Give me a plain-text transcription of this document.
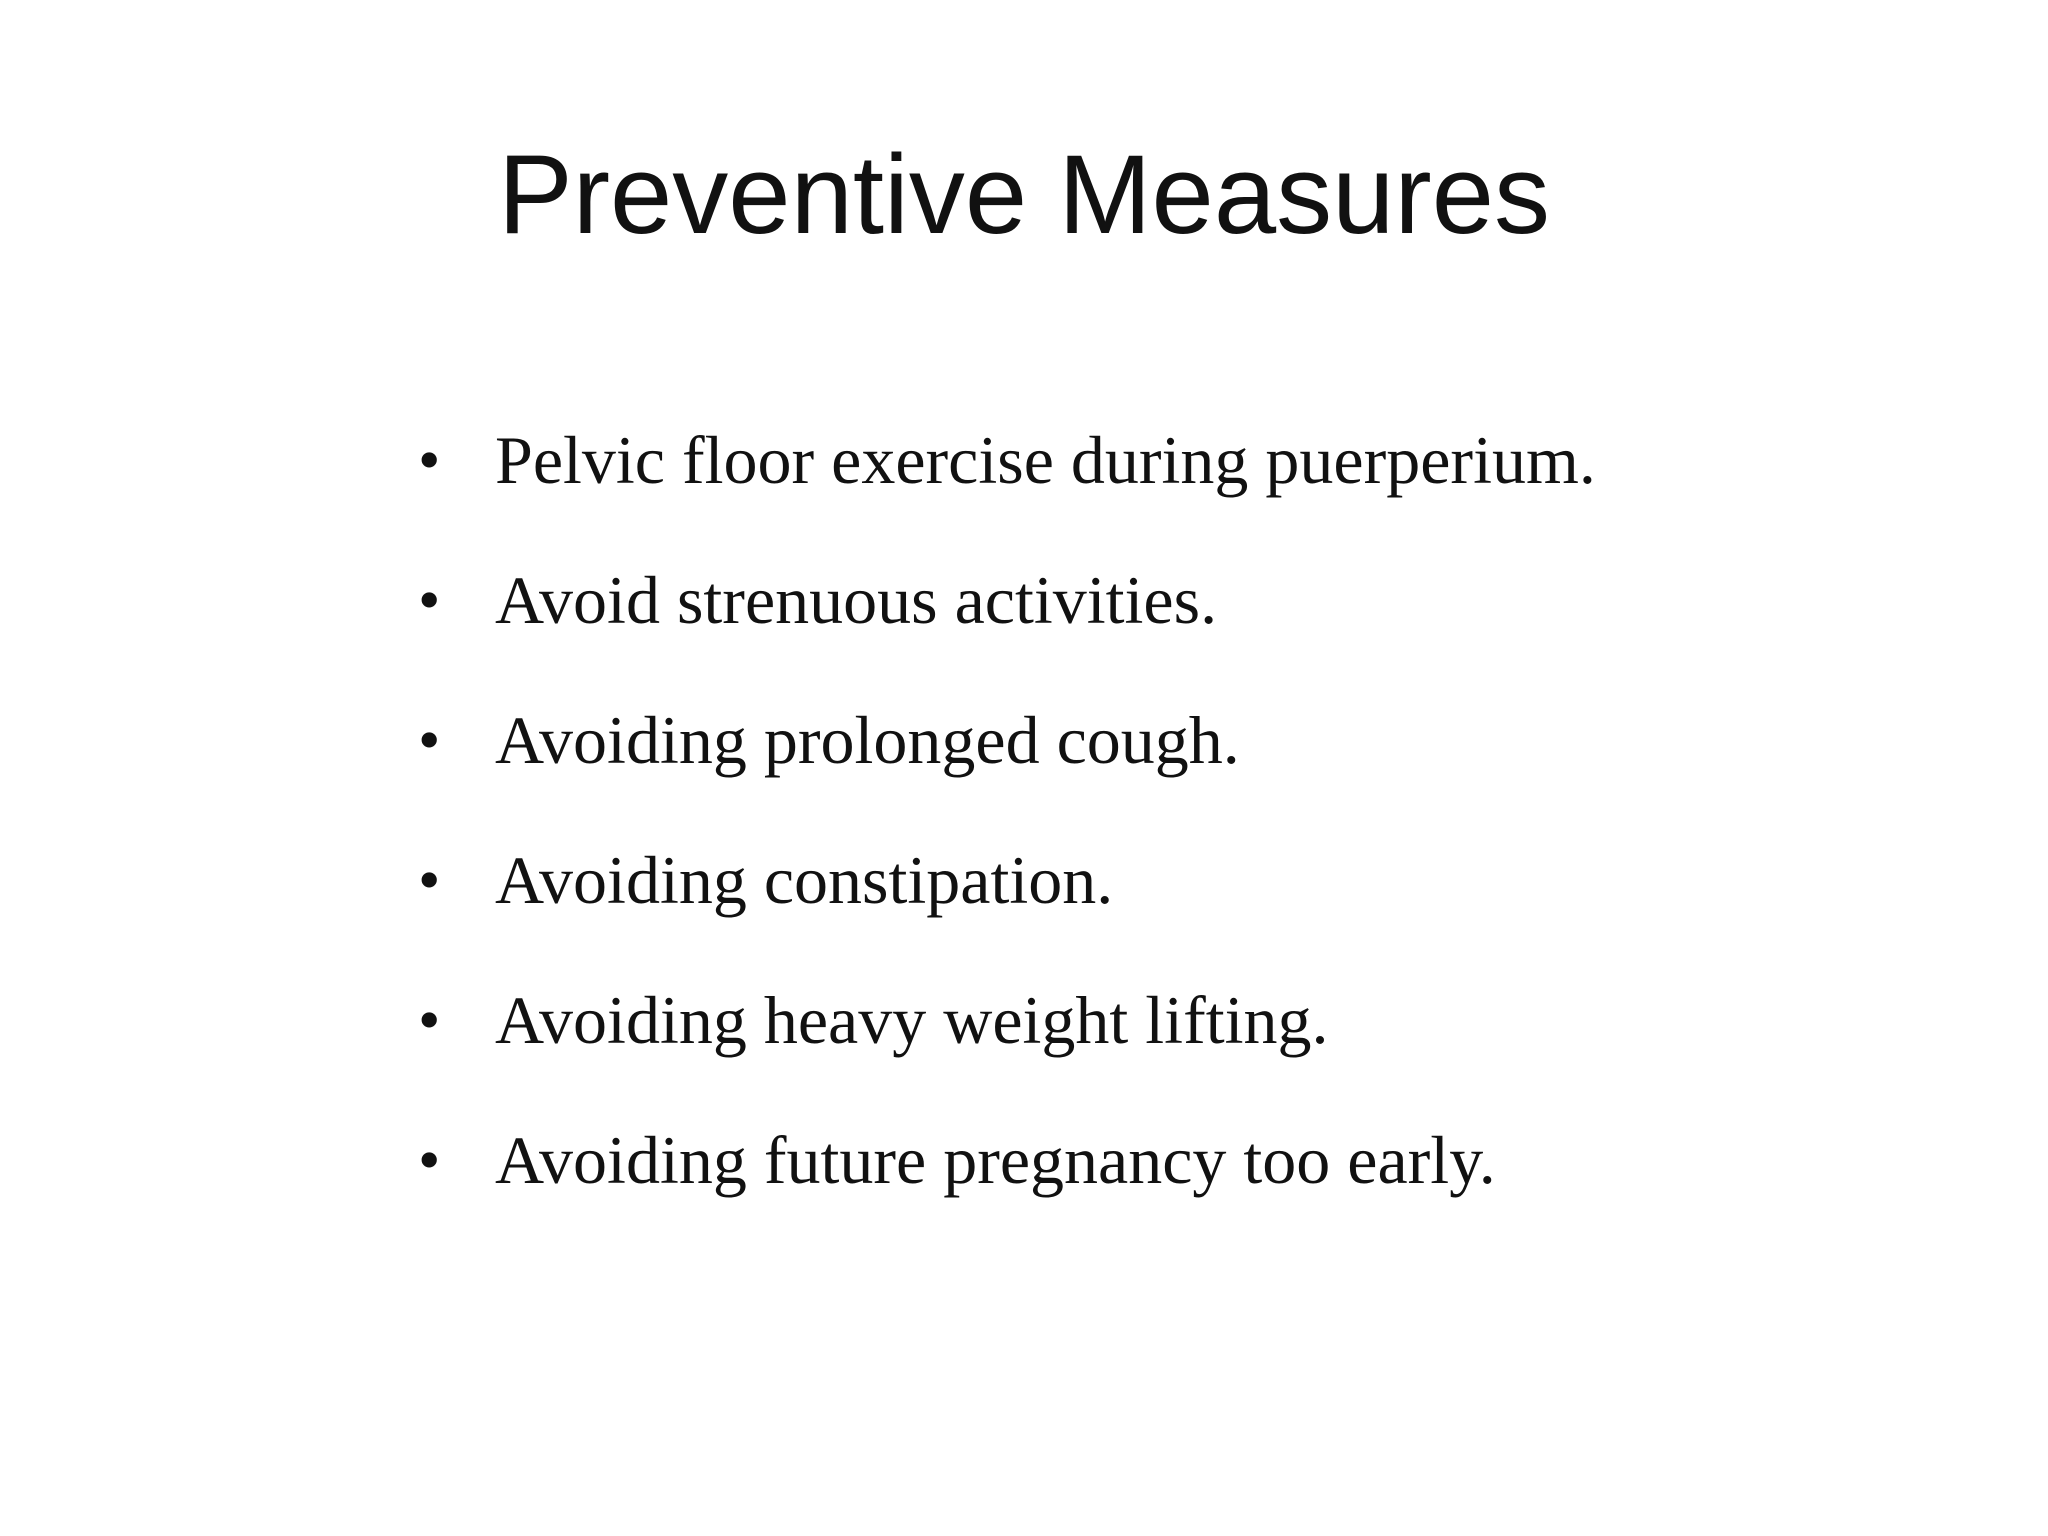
Preventive Measures
• Pelvic floor exercise during puerperium.
• Avoid strenuous activities.
• Avoiding prolonged cough.
• Avoiding constipation.
• Avoiding heavy weight lifting.
• Avoiding future pregnancy too early.
